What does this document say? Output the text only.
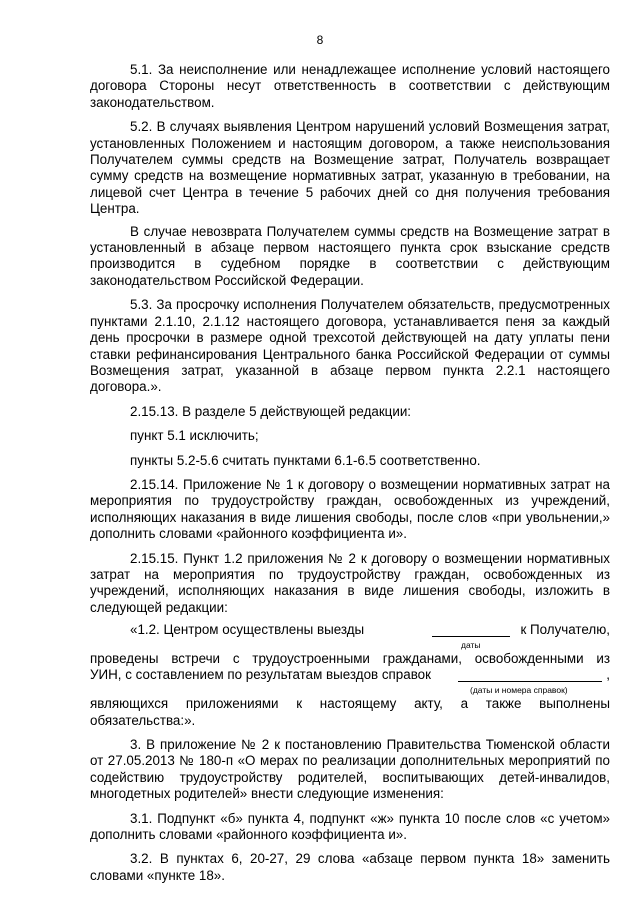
8

5.1. За неисполнение или ненадлежащее исполнение условий настоящего договора Стороны несут ответственность в соответствии с действующим законодательством.

5.2. В случаях выявления Центром нарушений условий Возмещения затрат, установленных Положением и настоящим договором, а также неиспользования Получателем суммы средств на Возмещение затрат, Получатель возвращает сумму средств на возмещение нормативных затрат, указанную в требовании, на лицевой счет Центра в течение 5 рабочих дней со дня получения требования Центра.

В случае невозврата Получателем суммы средств на Возмещение затрат в установленный в абзаце первом настоящего пункта срок взыскание средств производится в судебном порядке в соответствии с действующим законодательством Российской Федерации.

5.3. За просрочку исполнения Получателем обязательств, предусмотренных пунктами 2.1.10, 2.1.12 настоящего договора, устанавливается пеня за каждый день просрочки в размере одной трехсотой действующей на дату уплаты пени ставки рефинансирования Центрального банка Российской Федерации от суммы Возмещения затрат, указанной в абзаце первом пункта 2.2.1 настоящего договора.».

2.15.13. В разделе 5 действующей редакции:

пункт 5.1 исключить;

пункты 5.2-5.6 считать пунктами 6.1-6.5 соответственно.

2.15.14. Приложение № 1 к договору о возмещении нормативных затрат на мероприятия по трудоустройству граждан, освобожденных из учреждений, исполняющих наказания в виде лишения свободы, после слов «при увольнении,» дополнить словами «районного коэффициента и».

2.15.15. Пункт 1.2 приложения № 2 к договору о возмещении нормативных затрат на мероприятия по трудоустройству граждан, освобожденных из учреждений, исполняющих наказания в виде лишения свободы, изложить в следующей редакции:

«1.2. Центром осуществлены выезды	к Получателю,
даты
проведены встречи с трудоустроенными гражданами, освобожденными из
УИН, с составлением по результатам выездов справок	,
(даты и номера справок)

являющихся приложениями к настоящему акту, а также выполнены обязательства:».

3. В приложение № 2 к постановлению Правительства Тюменской области от 27.05.2013 № 180-п «О мерах по реализации дополнительных мероприятий по содействию трудоустройству родителей, воспитывающих детей-инвалидов, многодетных родителей» внести следующие изменения:

3.1. Подпункт «б» пункта 4, подпункт «ж» пункта 10 после слов «с учетом» дополнить словами «районного коэффициента и».

3.2. В пунктах 6, 20-27, 29 слова «абзаце первом пункта 18» заменить словами «пункте 18».
